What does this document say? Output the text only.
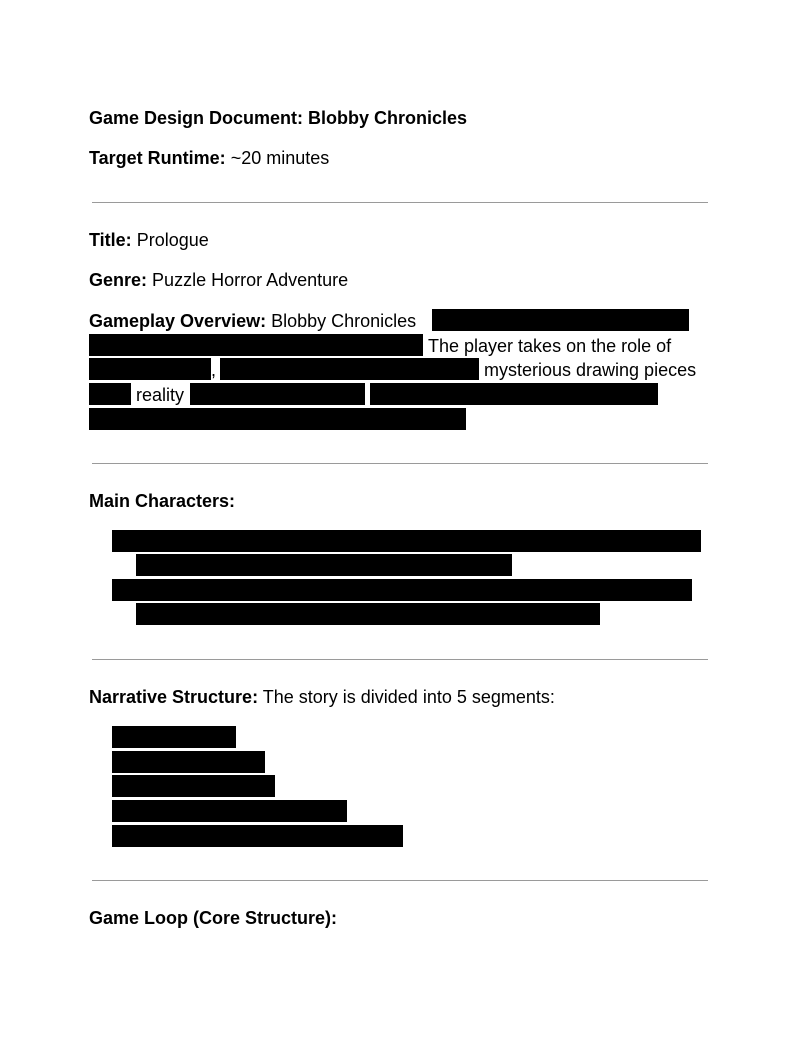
Game Design Document: Blobby Chronicles
Target Runtime: ~20 minutes
Title: Prologue
Genre: Puzzle Horror Adventure
Gameplay Overview: Blobby Chronicles
The player takes on the role of
,	mysterious drawing pieces
reality
Main Characters:
Narrative Structure: The story is divided into 5 segments:
Game Loop (Core Structure):
